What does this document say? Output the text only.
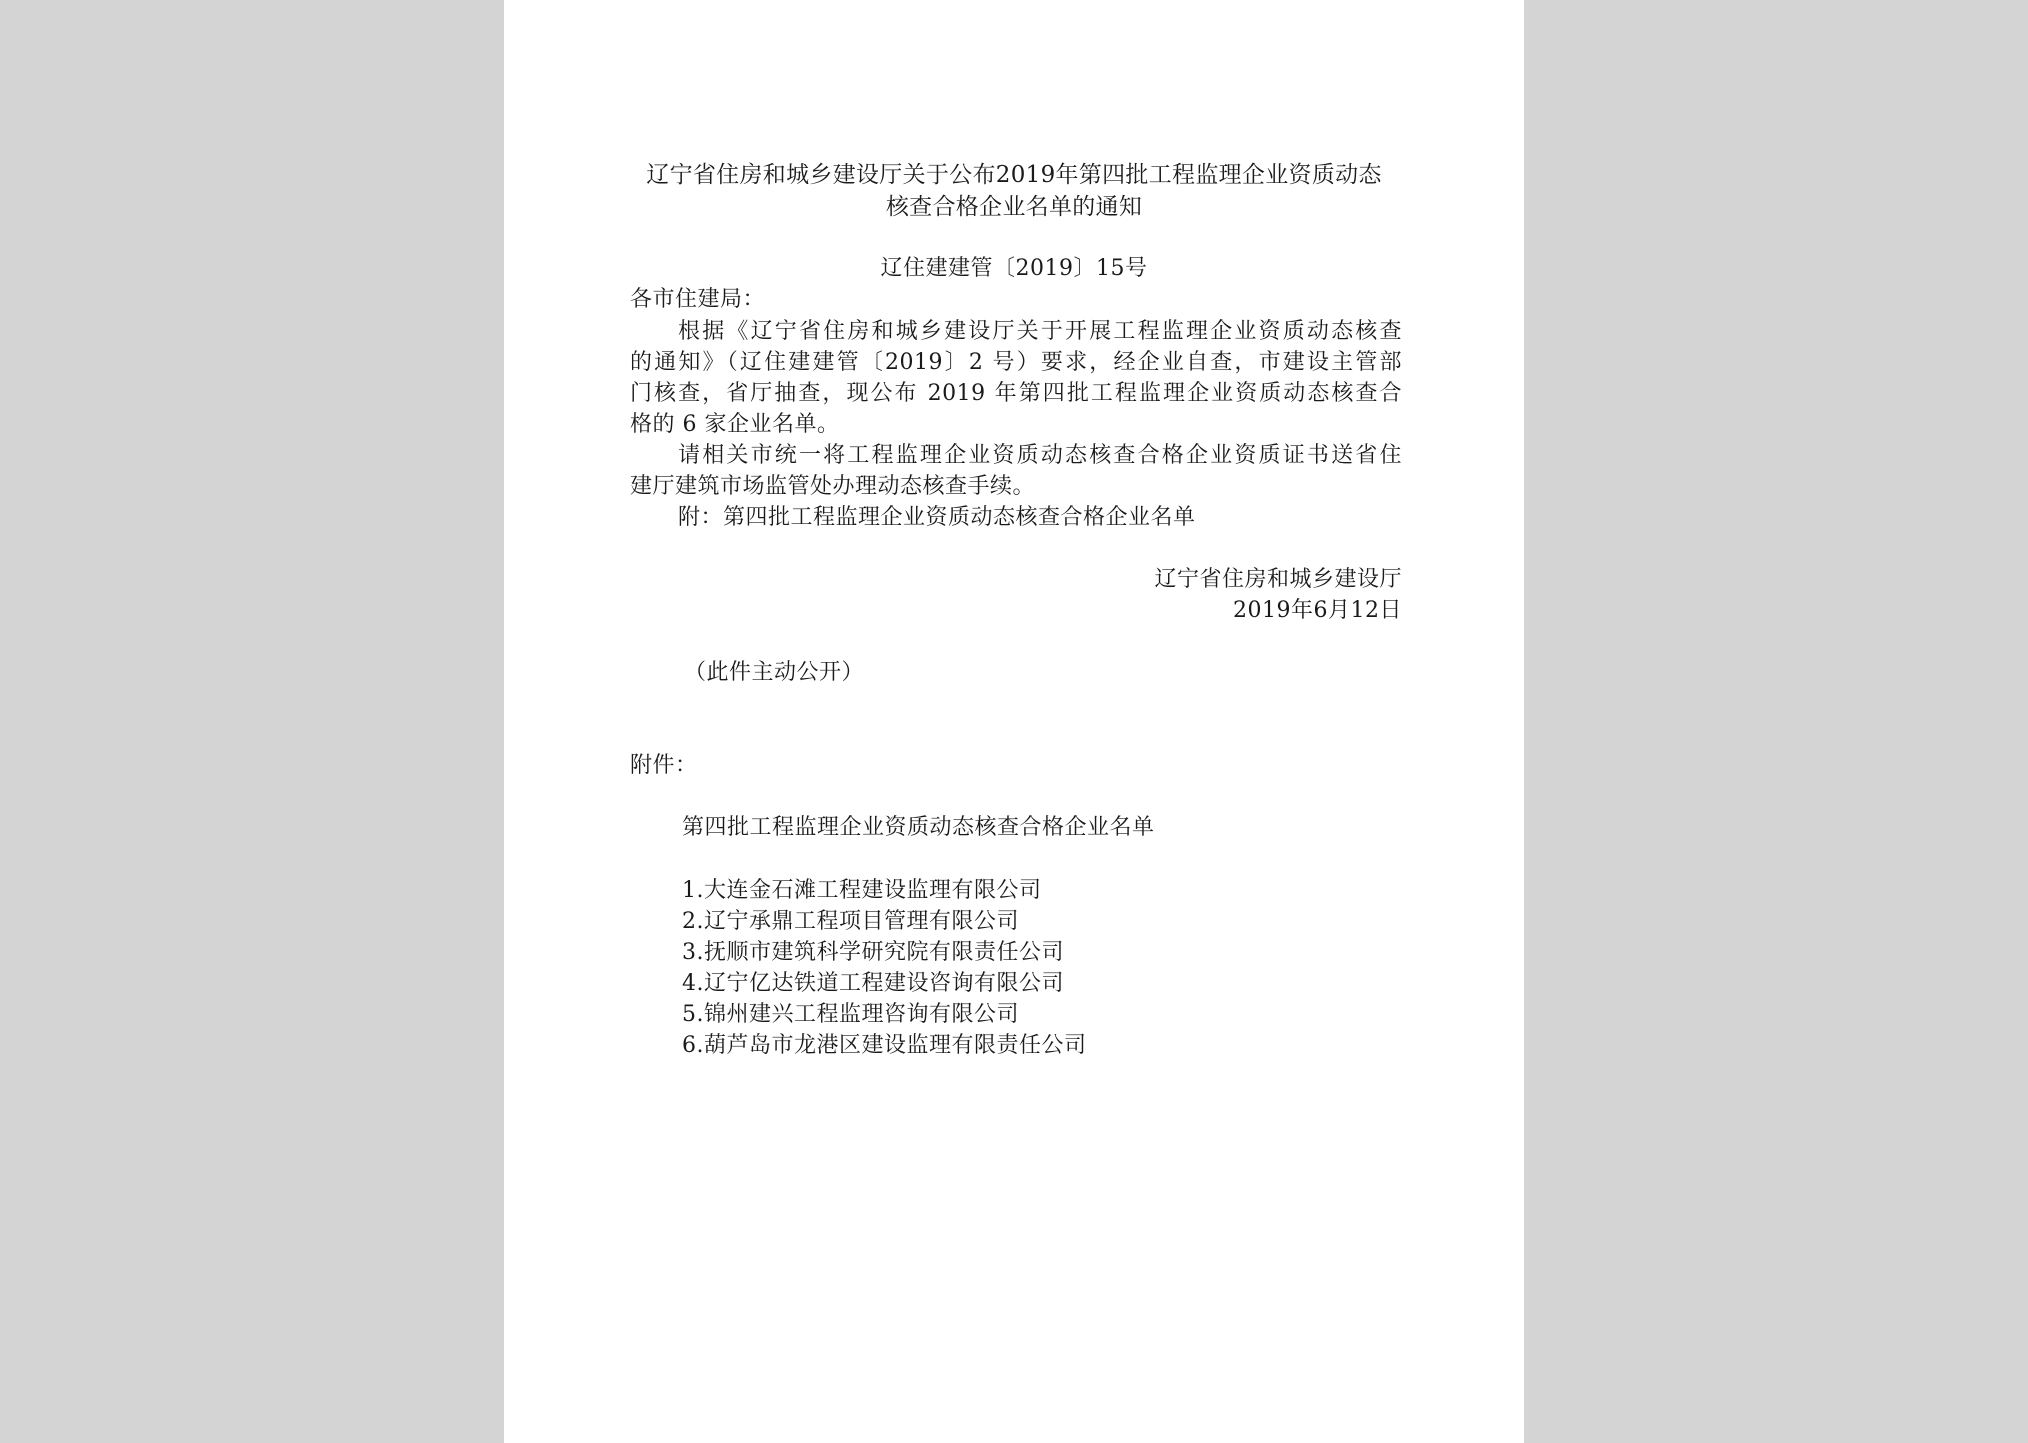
辽宁省住房和城乡建设厅关于公布2019年第四批工程监理企业资质动态
核查合格企业名单的通知
辽住建建管〔2019〕15号
各市住建局：
根据《辽宁省住房和城乡建设厅关于开展工程监理企业资质动态核查
的通知》（辽住建建管〔2019〕2 号）要求，经企业自查，市建设主管部
门核查，省厅抽查，现公布 2019 年第四批工程监理企业资质动态核查合
格的 6 家企业名单。
请相关市统一将工程监理企业资质动态核查合格企业资质证书送省住
建厅建筑市场监管处办理动态核查手续。
附：第四批工程监理企业资质动态核查合格企业名单
辽宁省住房和城乡建设厅
2019年6月12日
（此件主动公开）
附件：
第四批工程监理企业资质动态核查合格企业名单
1.大连金石滩工程建设监理有限公司
2.辽宁承鼎工程项目管理有限公司
3.抚顺市建筑科学研究院有限责任公司
4.辽宁亿达铁道工程建设咨询有限公司
5.锦州建兴工程监理咨询有限公司
6.葫芦岛市龙港区建设监理有限责任公司
